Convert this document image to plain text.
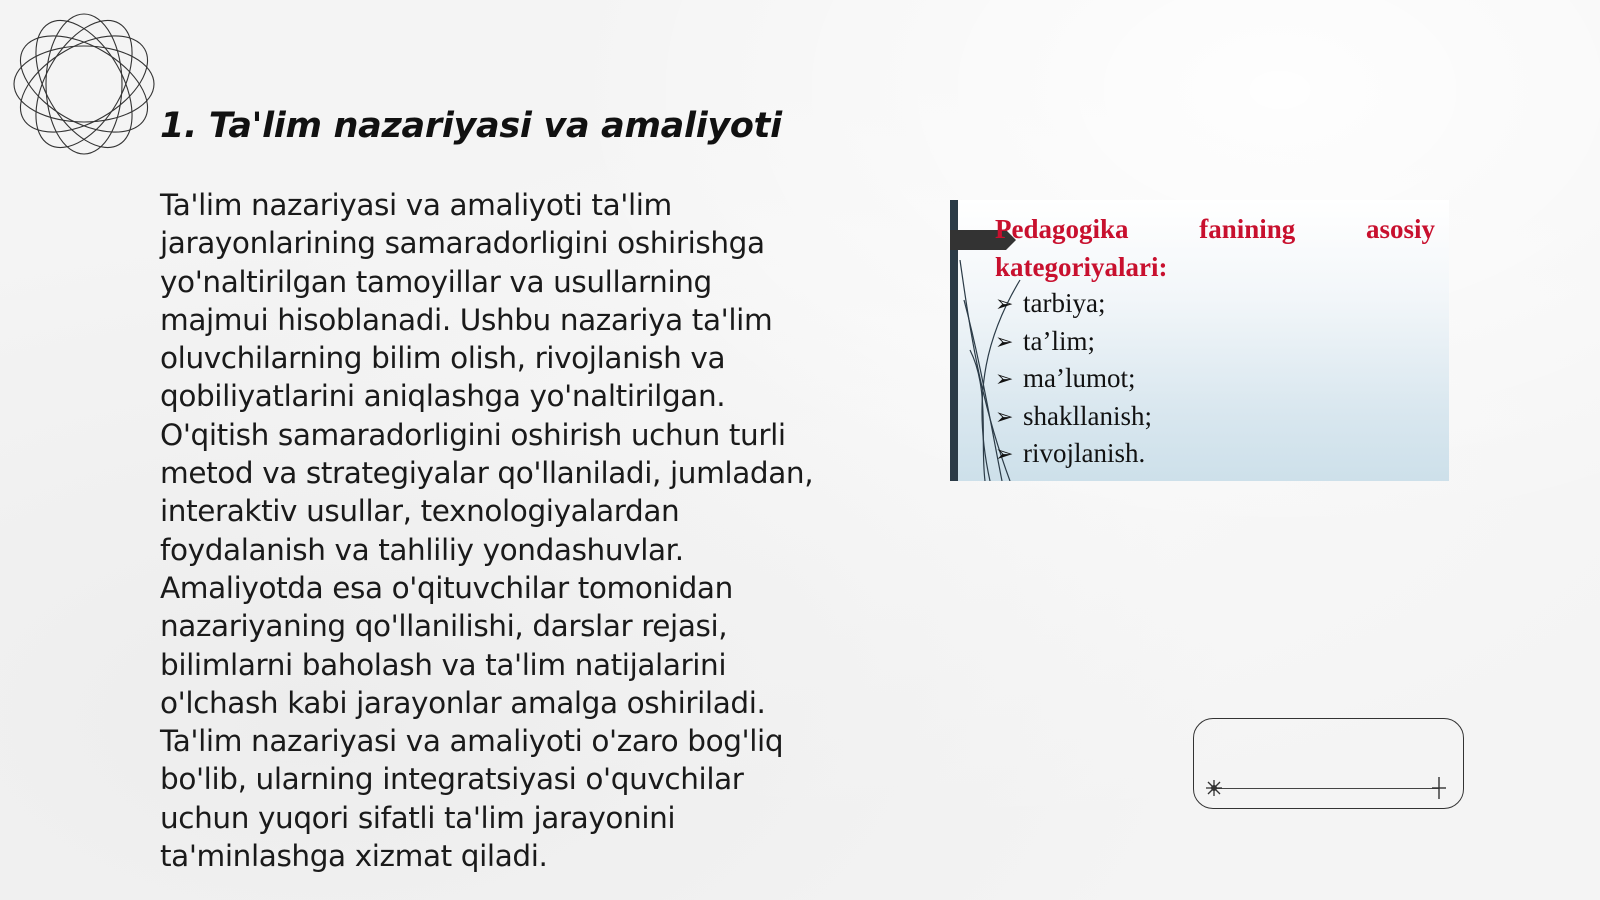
1. Ta'lim nazariyasi va amaliyoti
Ta'lim nazariyasi va amaliyoti ta'lim
jarayonlarining samaradorligini oshirishga
yo'naltirilgan tamoyillar va usullarning
majmui hisoblanadi. Ushbu nazariya ta'lim
oluvchilarning bilim olish, rivojlanish va
qobiliyatlarini aniqlashga yo'naltirilgan.
O'qitish samaradorligini oshirish uchun turli
metod va strategiyalar qo'llaniladi, jumladan,
interaktiv usullar, texnologiyalardan
foydalanish va tahliliy yondashuvlar.
Amaliyotda esa o'qituvchilar tomonidan
nazariyaning qo'llanilishi, darslar rejasi,
bilimlarni baholash va ta'lim natijalarini
o'lchash kabi jarayonlar amalga oshiriladi.
Ta'lim nazariyasi va amaliyoti o'zaro bog'liq
bo'lib, ularning integratsiyasi o'quvchilar
uchun yuqori sifatli ta'lim jarayonini
ta'minlashga xizmat qiladi.
Pedagogika fanining asosiy kategoriyalari:
➢ tarbiya;
➢ ta’lim;
➢ ma’lumot;
➢ shakllanish;
➢ rivojlanish.
